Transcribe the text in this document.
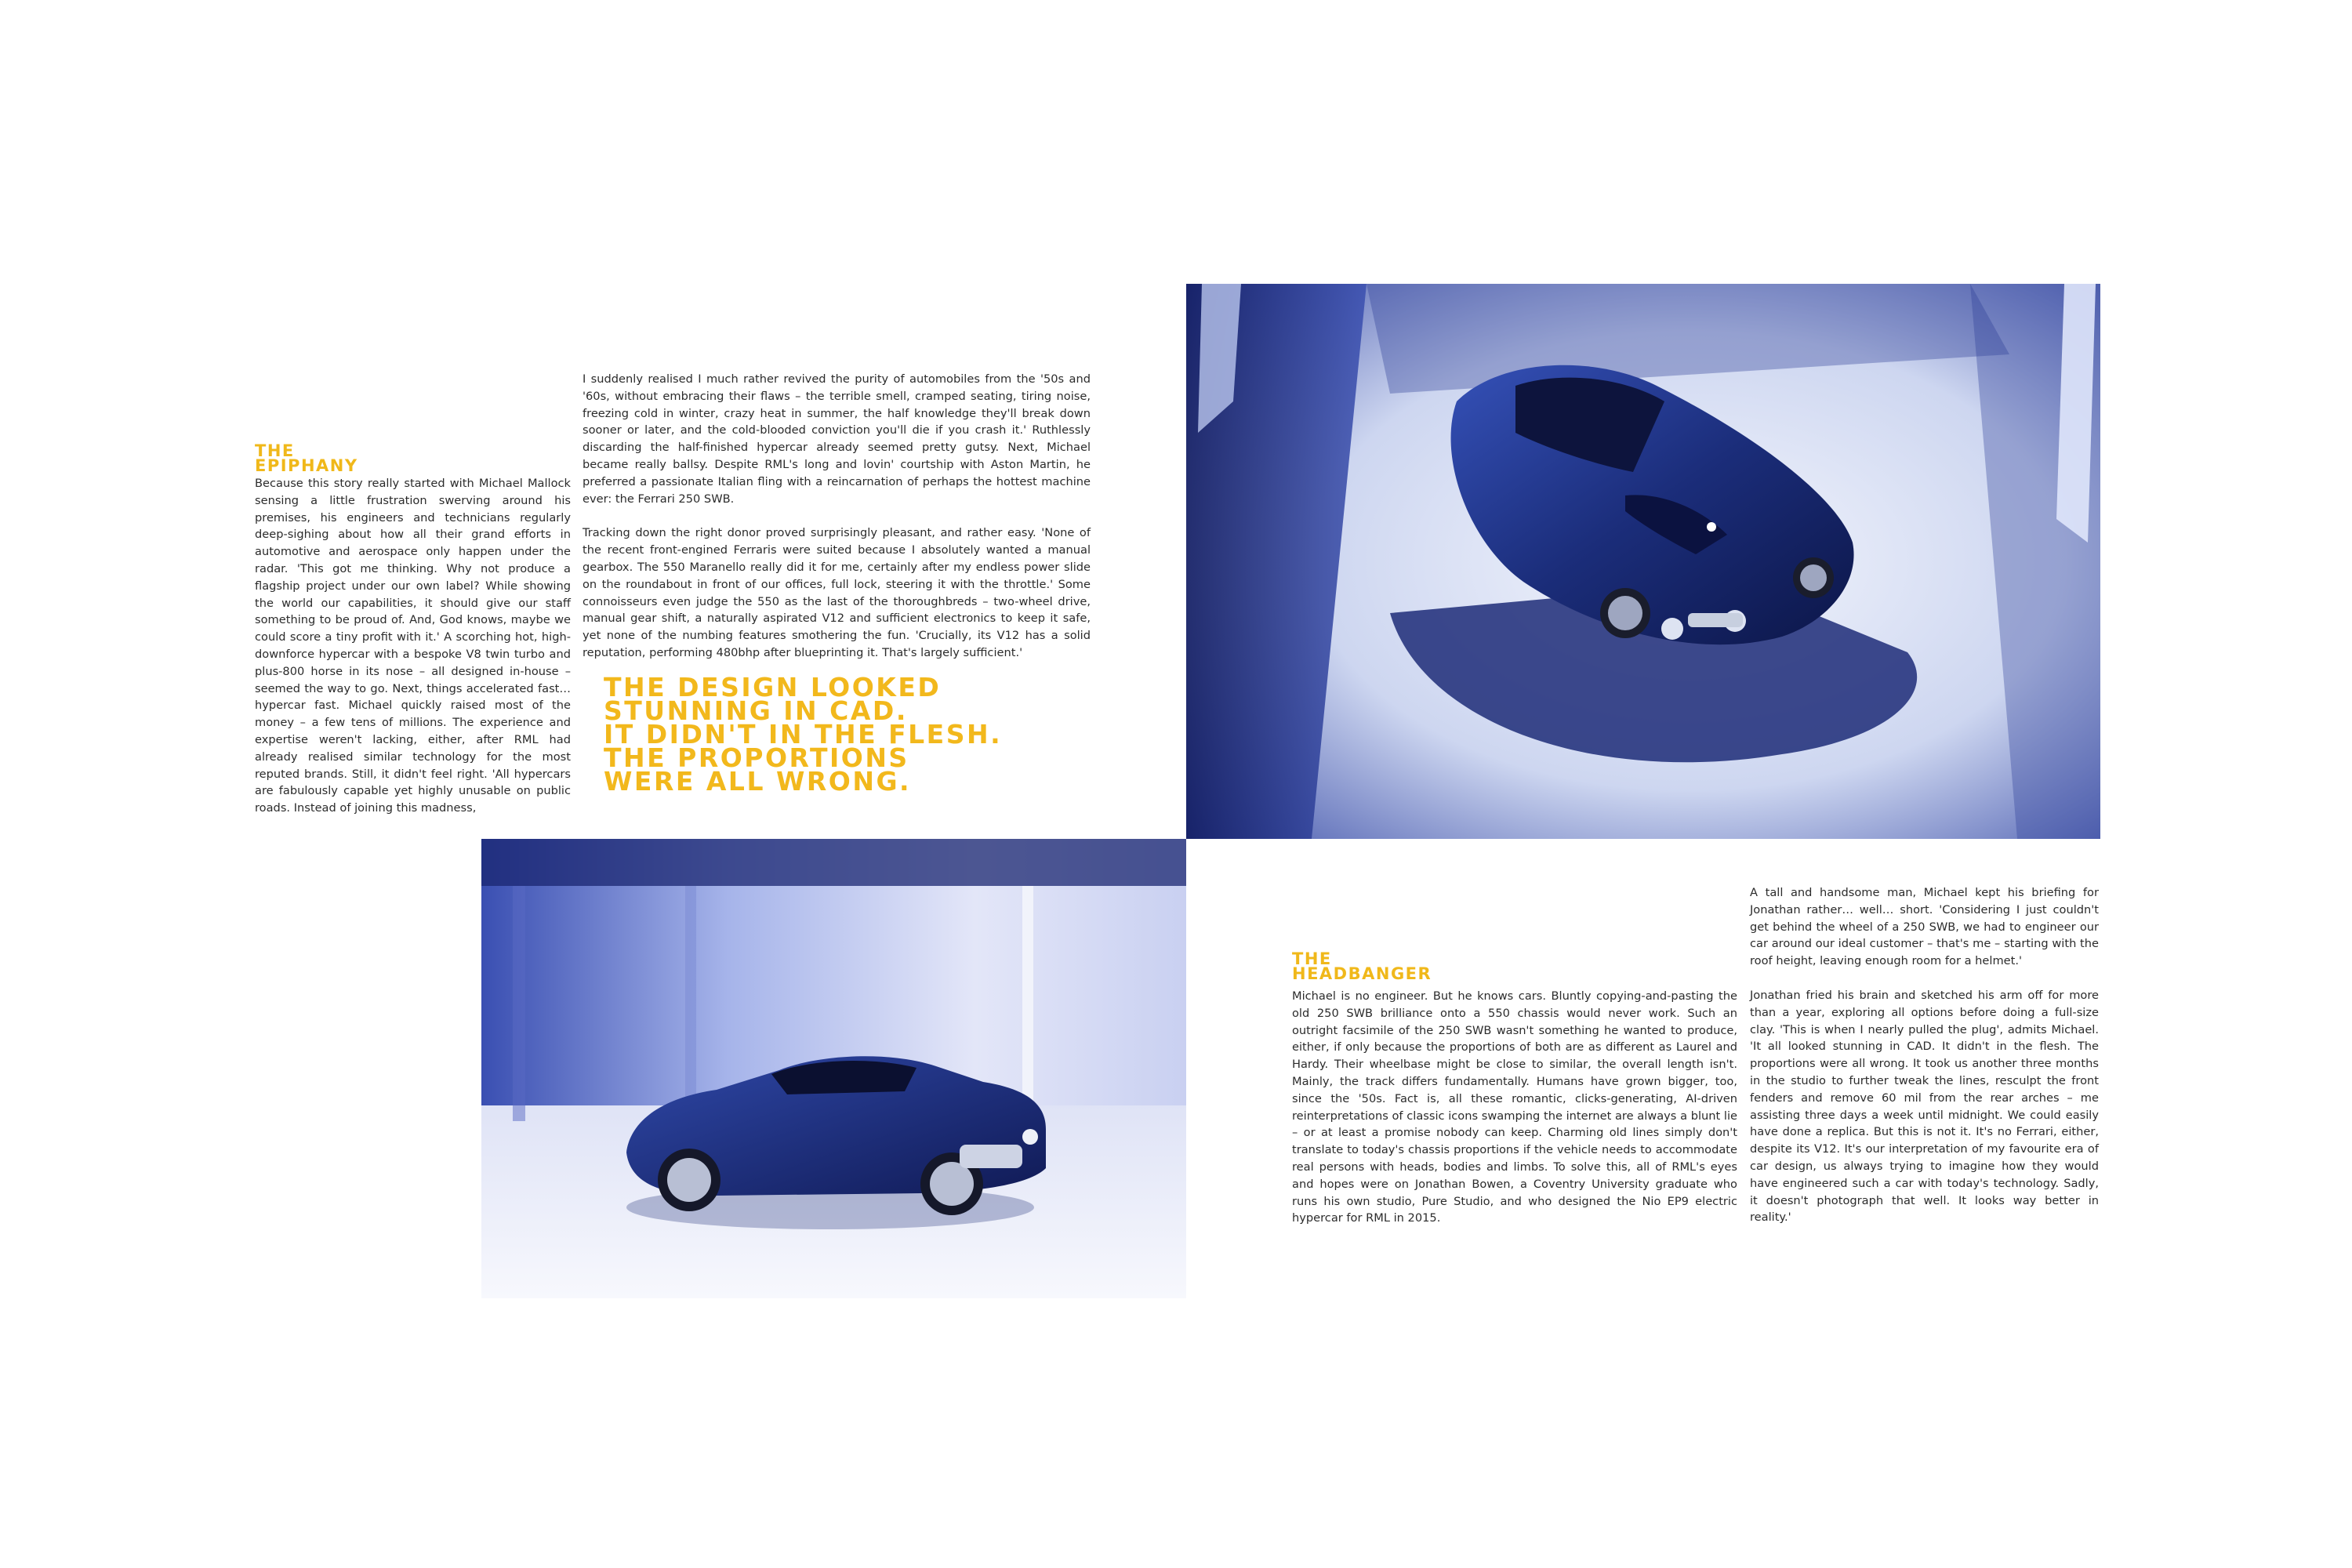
THE
EPIPHANY

Because this story really started with Michael Mallock sensing a little frustration swerving around his premises, his engineers and technicians regularly deep-sighing about how all their grand efforts in automotive and aerospace only happen under the radar. 'This got me thinking. Why not produce a flagship project under our own label? While showing the world our capabilities, it should give our staff something to be proud of. And, God knows, maybe we could score a tiny profit with it.' A scorching hot, high-downforce hypercar with a bespoke V8 twin turbo and plus-800 horse in its nose – all designed in-house – seemed the way to go. Next, things accelerated fast… hypercar fast. Michael quickly raised most of the money – a few tens of millions. The experience and expertise weren't lacking, either, after RML had already realised similar technology for the most reputed brands. Still, it didn't feel right. 'All hypercars are fabulously capable yet highly unusable on public roads. Instead of joining this madness,

I suddenly realised I much rather revived the purity of automobiles from the '50s and '60s, without embracing their flaws – the terrible smell, cramped seating, tiring noise, freezing cold in winter, crazy heat in summer, the half knowledge they'll break down sooner or later, and the cold-blooded conviction you'll die if you crash it.' Ruthlessly discarding the half-finished hypercar already seemed pretty gutsy. Next, Michael became really ballsy. Despite RML's long and lovin' courtship with Aston Martin, he preferred a passionate Italian fling with a reincarnation of perhaps the hottest machine ever: the Ferrari 250 SWB.

Tracking down the right donor proved surprisingly pleasant, and rather easy. 'None of the recent front-engined Ferraris were suited because I absolutely wanted a manual gearbox. The 550 Maranello really did it for me, certainly after my endless power slide on the roundabout in front of our offices, full lock, steering it with the throttle.' Some connoisseurs even judge the 550 as the last of the thoroughbreds – two-wheel drive, manual gear shift, a naturally aspirated V12 and sufficient electronics to keep it safe, yet none of the numbing features smothering the fun. 'Crucially, its V12 has a solid reputation, performing 480bhp after blueprinting it. That's largely sufficient.'

THE DESIGN LOOKED
STUNNING IN CAD.
IT DIDN'T IN THE FLESH.
THE PROPORTIONS
WERE ALL WRONG.
THE
HEADBANGER

Michael is no engineer. But he knows cars. Bluntly copying-and-pasting the old 250 SWB brilliance onto a 550 chassis would never work. Such an outright facsimile of the 250 SWB wasn't something he wanted to produce, either, if only because the proportions of both are as different as Laurel and Hardy. Their wheelbase might be close to similar, the overall length isn't. Mainly, the track differs fundamentally. Humans have grown bigger, too, since the '50s. Fact is, all these romantic, clicks-generating, AI-driven reinterpretations of classic icons swamping the internet are always a blunt lie – or at least a promise nobody can keep. Charming old lines simply don't translate to today's chassis proportions if the vehicle needs to accommodate real persons with heads, bodies and limbs. To solve this, all of RML's eyes and hopes were on Jonathan Bowen, a Coventry University graduate who runs his own studio, Pure Studio, and who designed the Nio EP9 electric hypercar for RML in 2015.

A tall and handsome man, Michael kept his briefing for Jonathan rather… well… short. 'Considering I just couldn't get behind the wheel of a 250 SWB, we had to engineer our car around our ideal customer – that's me – starting with the roof height, leaving enough room for a helmet.'

Jonathan fried his brain and sketched his arm off for more than a year, exploring all options before doing a full-size clay. 'This is when I nearly pulled the plug', admits Michael. 'It all looked stunning in CAD. It didn't in the flesh. The proportions were all wrong. It took us another three months in the studio to further tweak the lines, resculpt the front fenders and remove 60 mil from the rear arches – me assisting three days a week until midnight. We could easily have done a replica. But this is not it. It's no Ferrari, either, despite its V12. It's our interpretation of my favourite era of car design, us always trying to imagine how they would have engineered such a car with today's technology. Sadly, it doesn't photograph that well. It looks way better in reality.'
